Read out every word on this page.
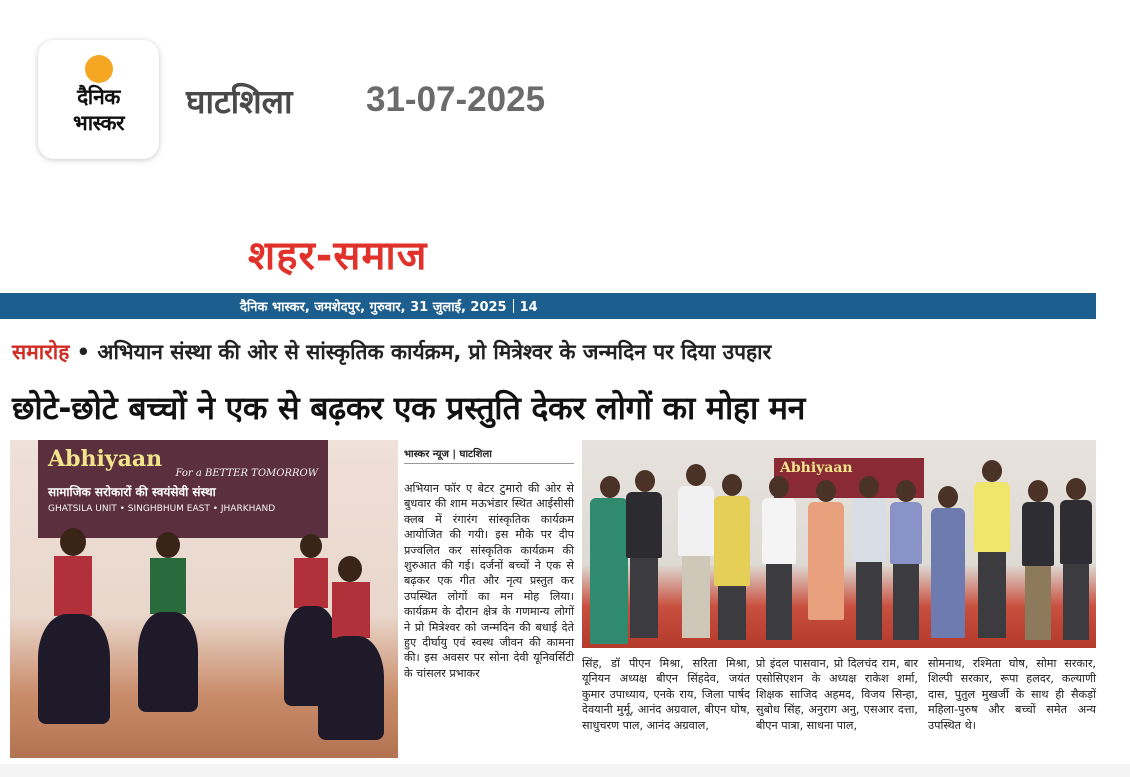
दैनिक
भास्कर
घाटशिला 31-07-2025
शहर-समाज
दैनिक भास्कर, जमशेदपुर, गुरुवार, 31 जुलाई, 2025 14
समारोह • अभियान संस्था की ओर से सांस्कृतिक कार्यक्रम, प्रो मित्रेश्वर के जन्मदिन पर दिया उपहार
छोटे-छोटे बच्चों ने एक से बढ़कर एक प्रस्तुति देकर लोगों का मोहा मन
Abhiyaan
For a BETTER TOMORROW
सामाजिक सरोकारों की स्वयंसेवी संस्था
GHATSILA UNIT • SINGHBHUM EAST • JHARKHAND
भास्कर न्यूज | घाटशिला
अभियान फॉर ए बेटर टुमारो की ओर से बुधवार की शाम मऊभंडार स्थित आईसीसी क्लब में रंगारंग सांस्कृतिक कार्यक्रम आयोजित की गयी। इस मौके पर दीप प्रज्वलित कर सांस्कृतिक कार्यक्रम की शुरुआत की गई। दर्जनों बच्चों ने एक से बढ़कर एक गीत और नृत्य प्रस्तुत कर उपस्थित लोगों का मन मोह लिया। कार्यक्रम के दौरान क्षेत्र के गणमान्य लोगों ने प्रो मित्रेश्वर को जन्मदिन की बधाई देते हुए दीर्घायु एवं स्वस्थ जीवन की कामना की। इस अवसर पर सोना देवी यूनिवर्सिटी के चांसलर प्रभाकर
Abhiyaan
सिंह, डॉ पीएन मिश्रा, सरिता मिश्रा, यूनियन अध्यक्ष बीएन सिंहदेव, जयंत कुमार उपाध्याय, एनके राय, जिला पार्षद देवयानी मुर्मू, आनंद अग्रवाल, बीएन घोष, साधुचरण पाल, आनंद अग्रवाल,
प्रो इंदल पासवान, प्रो दिलचंद राम, बार एसोसिएशन के अध्यक्ष राकेश शर्मा, शिक्षक साजिद अहमद, विजय सिन्हा, सुबोध सिंह, अनुराग अनु, एसआर दत्ता, बीएन पात्रा, साधना पाल,
सोमनाथ, रश्मिता घोष, सोमा सरकार, शिल्पी सरकार, रूपा हलदर, कल्याणी दास, पुतुल मुखर्जी के साथ ही सैकड़ों महिला-पुरुष और बच्चों समेत अन्य उपस्थित थे।
